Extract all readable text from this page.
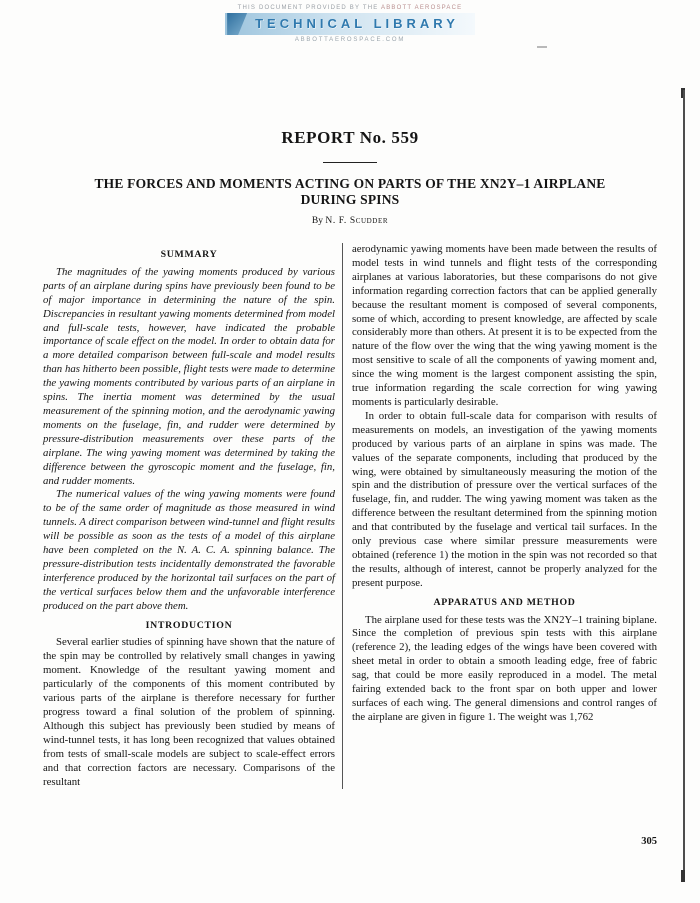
THIS DOCUMENT PROVIDED BY THE ABBOTT AEROSPACE
TECHNICAL LIBRARY
ABBOTTAEROSPACE.COM
REPORT No. 559
THE FORCES AND MOMENTS ACTING ON PARTS OF THE XN2Y–1 AIRPLANE
DURING SPINS
By N. F. Scudder
SUMMARY

The magnitudes of the yawing moments produced by various parts of an airplane during spins have previously been found to be of major importance in determining the nature of the spin. Discrepancies in resultant yawing moments determined from model and full-scale tests, however, have indicated the probable importance of scale effect on the model. In order to obtain data for a more detailed comparison between full-scale and model results than has hitherto been possible, flight tests were made to determine the yawing moments contributed by various parts of an airplane in spins. The inertia moment was determined by the usual measurement of the spinning motion, and the aerodynamic yawing moments on the fuselage, fin, and rudder were determined by pressure-distribution measurements over these parts of the airplane. The wing yawing moment was determined by taking the difference between the gyroscopic moment and the fuselage, fin, and rudder moments.

The numerical values of the wing yawing moments were found to be of the same order of magnitude as those measured in wind tunnels. A direct comparison between wind-tunnel and flight results will be possible as soon as the tests of a model of this airplane have been completed on the N. A. C. A. spinning balance. The pressure-distribution tests incidentally demonstrated the favorable interference produced by the horizontal tail surfaces on the part of the vertical surfaces below them and the unfavorable interference produced on the part above them.

INTRODUCTION

Several earlier studies of spinning have shown that the nature of the spin may be controlled by relatively small changes in yawing moment. Knowledge of the resultant yawing moment and particularly of the components of this moment contributed by various parts of the airplane is therefore necessary for further progress toward a final solution of the problem of spinning. Although this subject has previously been studied by means of wind-tunnel tests, it has long been recognized that values obtained from tests of small-scale models are subject to scale-effect errors and that correction factors are necessary. Comparisons of the resultant

aerodynamic yawing moments have been made between the results of model tests in wind tunnels and flight tests of the corresponding airplanes at various laboratories, but these comparisons do not give information regarding correction factors that can be applied generally because the resultant moment is composed of several components, some of which, according to present knowledge, are affected by scale considerably more than others. At present it is to be expected from the nature of the flow over the wing that the wing yawing moment is the most sensitive to scale of all the components of yawing moment and, since the wing moment is the largest component assisting the spin, true information regarding the scale correction for wing yawing moments is particularly desirable.

In order to obtain full-scale data for comparison with results of measurements on models, an investigation of the yawing moments produced by various parts of an airplane in spins was made. The values of the separate components, including that produced by the wing, were obtained by simultaneously measuring the motion of the spin and the distribution of pressure over the vertical surfaces of the fuselage, fin, and rudder. The wing yawing moment was taken as the difference between the resultant determined from the spinning motion and that contributed by the fuselage and vertical tail surfaces. In the only previous case where similar pressure measurements were obtained (reference 1) the motion in the spin was not recorded so that the results, although of interest, cannot be properly analyzed for the present purpose.

APPARATUS AND METHOD

The airplane used for these tests was the XN2Y–1 training biplane. Since the completion of previous spin tests with this airplane (reference 2), the leading edges of the wings have been covered with sheet metal in order to obtain a smooth leading edge, free of fabric sag, that could be more easily reproduced in a model. The metal fairing extended back to the front spar on both upper and lower surfaces of each wing. The general dimensions and control ranges of the airplane are given in figure 1. The weight was 1,762

305
